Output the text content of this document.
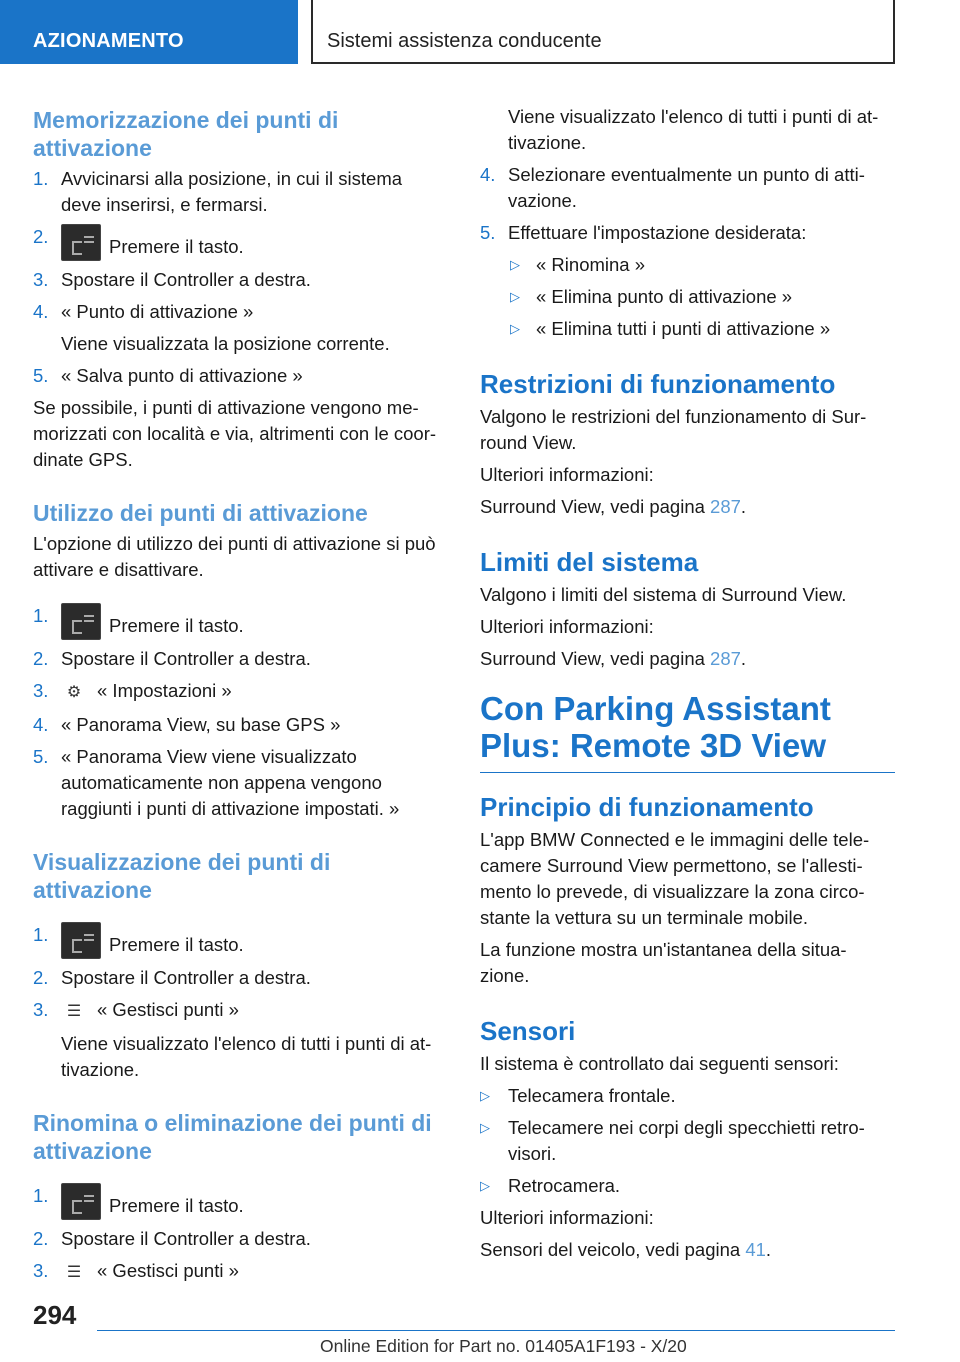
AZIONAMENTO	Sistemi assistenza conducente
Memorizzazione dei punti di attivazione
1. Avvicinarsi alla posizione, in cui il sistema deve inserirsi, e fermarsi.
2.	Premere il tasto.
3. Spostare il Controller a destra.
4. « Punto di attivazione »
Viene visualizzata la posizione corrente.
5. « Salva punto di attivazione »

Se possibile, i punti di attivazione vengono me-morizzati con località e via, altrimenti con le coor-dinate GPS.

Utilizzo dei punti di attivazione

L'opzione di utilizzo dei punti di attivazione si può attivare e disattivare.

1.	Premere il tasto.
2. Spostare il Controller a destra.
3.	⚙ « Impostazioni »
4. « Panorama View, su base GPS »
5. « Panorama View viene visualizzato automaticamente non appena vengono raggiunti i punti di attivazione impostati. »
Visualizzazione dei punti di attivazione
1.	Premere il tasto.
2. Spostare il Controller a destra.
3.	☰ « Gestisci punti »
Viene visualizzato l'elenco di tutti i punti di at-tivazione.
Rinomina o eliminazione dei punti di attivazione
1.	Premere il tasto.
2. Spostare il Controller a destra.
3.	☰ « Gestisci punti »
Viene visualizzato l'elenco di tutti i punti di at-tivazione.
4. Selezionare eventualmente un punto di atti-vazione.
5. Effettuare l'impostazione desiderata:
▷ « Rinomina »
▷ « Elimina punto di attivazione »
▷ « Elimina tutti i punti di attivazione »
Restrizioni di funzionamento

Valgono le restrizioni del funzionamento di Sur-round View.

Ulteriori informazioni:

Surround View, vedi pagina 287.

Limiti del sistema

Valgono i limiti del sistema di Surround View.

Ulteriori informazioni:

Surround View, vedi pagina 287.

Con Parking Assistant Plus: Remote 3D View
Principio di funzionamento

L'app BMW Connected e le immagini delle tele-camere Surround View permettono, se l'allesti-mento lo prevede, di visualizzare la zona circo-stante la vettura su un terminale mobile.

La funzione mostra un'istantanea della situa-zione.

Sensori

Il sistema è controllato dai seguenti sensori:

▷ Telecamera frontale.
▷ Telecamere nei corpi degli specchietti retro-visori.
▷ Retrocamera.

Ulteriori informazioni:

Sensori del veicolo, vedi pagina 41.

294
Online Edition for Part no. 01405A1F193 - X/20
